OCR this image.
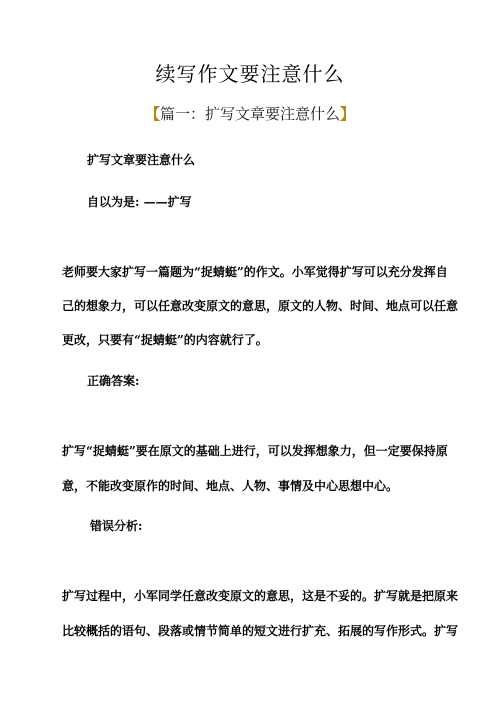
续写作文要注意什么

【篇一：扩写文章要注意什么】

扩写文章要注意什么

自以为是: ——扩写

老师要大家扩写一篇题为“捉蜻蜓”的作文。小军觉得扩写可以充分发挥自

己的想象力，可以任意改变原文的意思，原文的人物、时间、地点可以任意

更改，只要有“捉蜻蜓”的内容就行了。

正确答案:

扩写“捉蜻蜓”要在原文的基础上进行，可以发挥想象力，但一定要保持原

意，不能改变原作的时间、地点、人物、事情及中心思想中心。

错误分析:

扩写过程中，小军同学任意改变原文的意思，这是不妥的。扩写就是把原来

比较概括的语句、段落或情节简单的短文进行扩充、拓展的写作形式。扩写
